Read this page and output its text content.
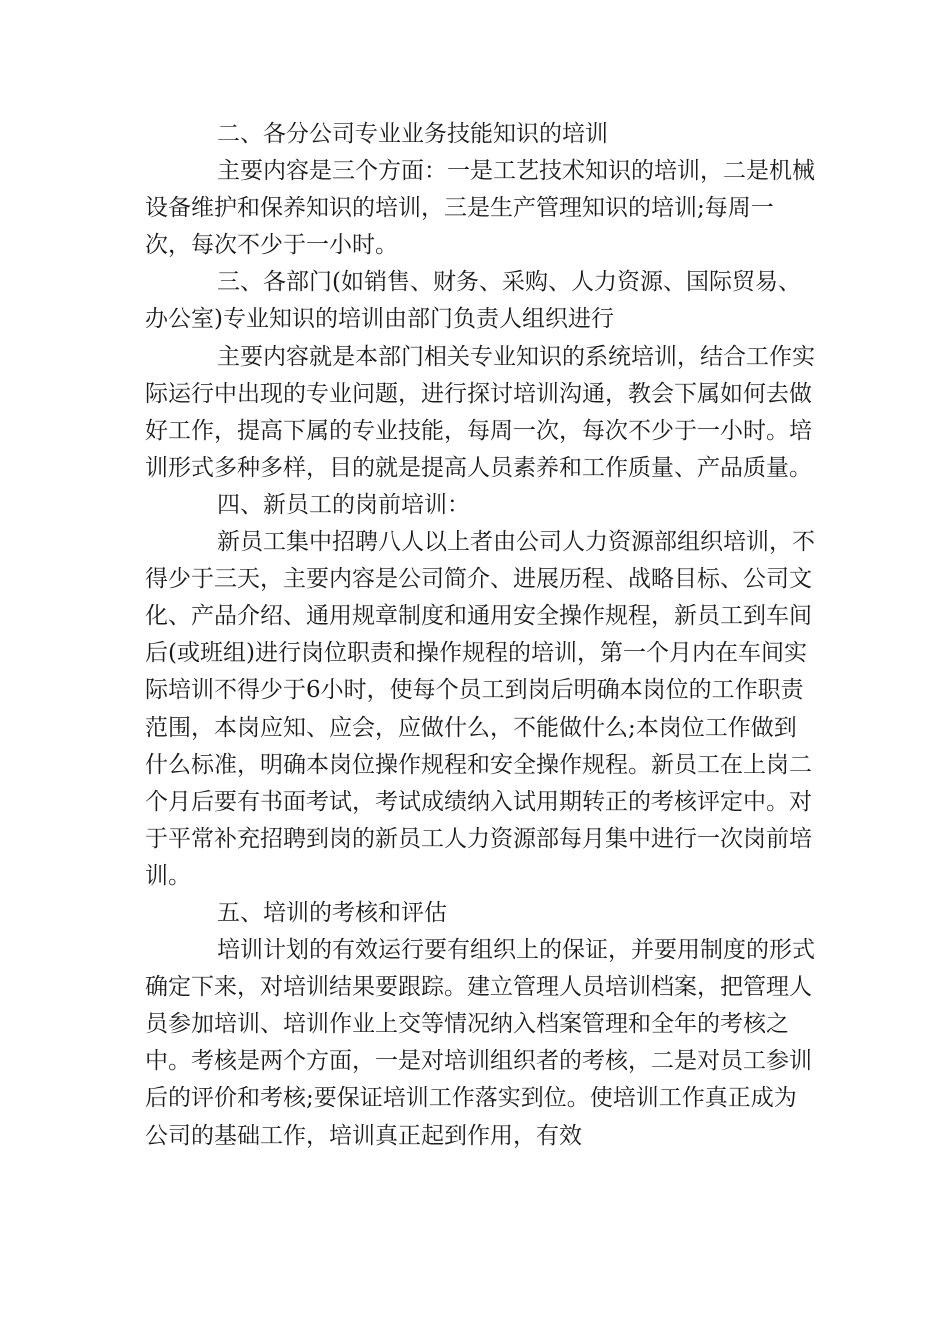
二、各分公司专业业务技能知识的培训

主要内容是三个方面：一是工艺技术知识的培训，二是机械设备维护和保养知识的培训，三是生产管理知识的培训;每周一次，每次不少于一小时。

三、各部门(如销售、财务、采购、人力资源、国际贸易、办公室)专业知识的培训由部门负责人组织进行

主要内容就是本部门相关专业知识的系统培训，结合工作实际运行中出现的专业问题，进行探讨培训沟通，教会下属如何去做好工作，提高下属的专业技能，每周一次，每次不少于一小时。培训形式多种多样，目的就是提高人员素养和工作质量、产品质量。

四、新员工的岗前培训：

新员工集中招聘八人以上者由公司人力资源部组织培训，不得少于三天，主要内容是公司简介、进展历程、战略目标、公司文化、产品介绍、通用规章制度和通用安全操作规程，新员工到车间后(或班组)进行岗位职责和操作规程的培训，第一个月内在车间实际培训不得少于6小时，使每个员工到岗后明确本岗位的工作职责范围，本岗应知、应会，应做什么，不能做什么;本岗位工作做到什么标准，明确本岗位操作规程和安全操作规程。新员工在上岗二个月后要有书面考试，考试成绩纳入试用期转正的考核评定中。对于平常补充招聘到岗的新员工人力资源部每月集中进行一次岗前培训。

五、培训的考核和评估

培训计划的有效运行要有组织上的保证，并要用制度的形式确定下来，对培训结果要跟踪。建立管理人员培训档案，把管理人员参加培训、培训作业上交等情况纳入档案管理和全年的考核之中。考核是两个方面，一是对培训组织者的考核，二是对员工参训后的评价和考核;要保证培训工作落实到位。使培训工作真正成为公司的基础工作，培训真正起到作用，有效
